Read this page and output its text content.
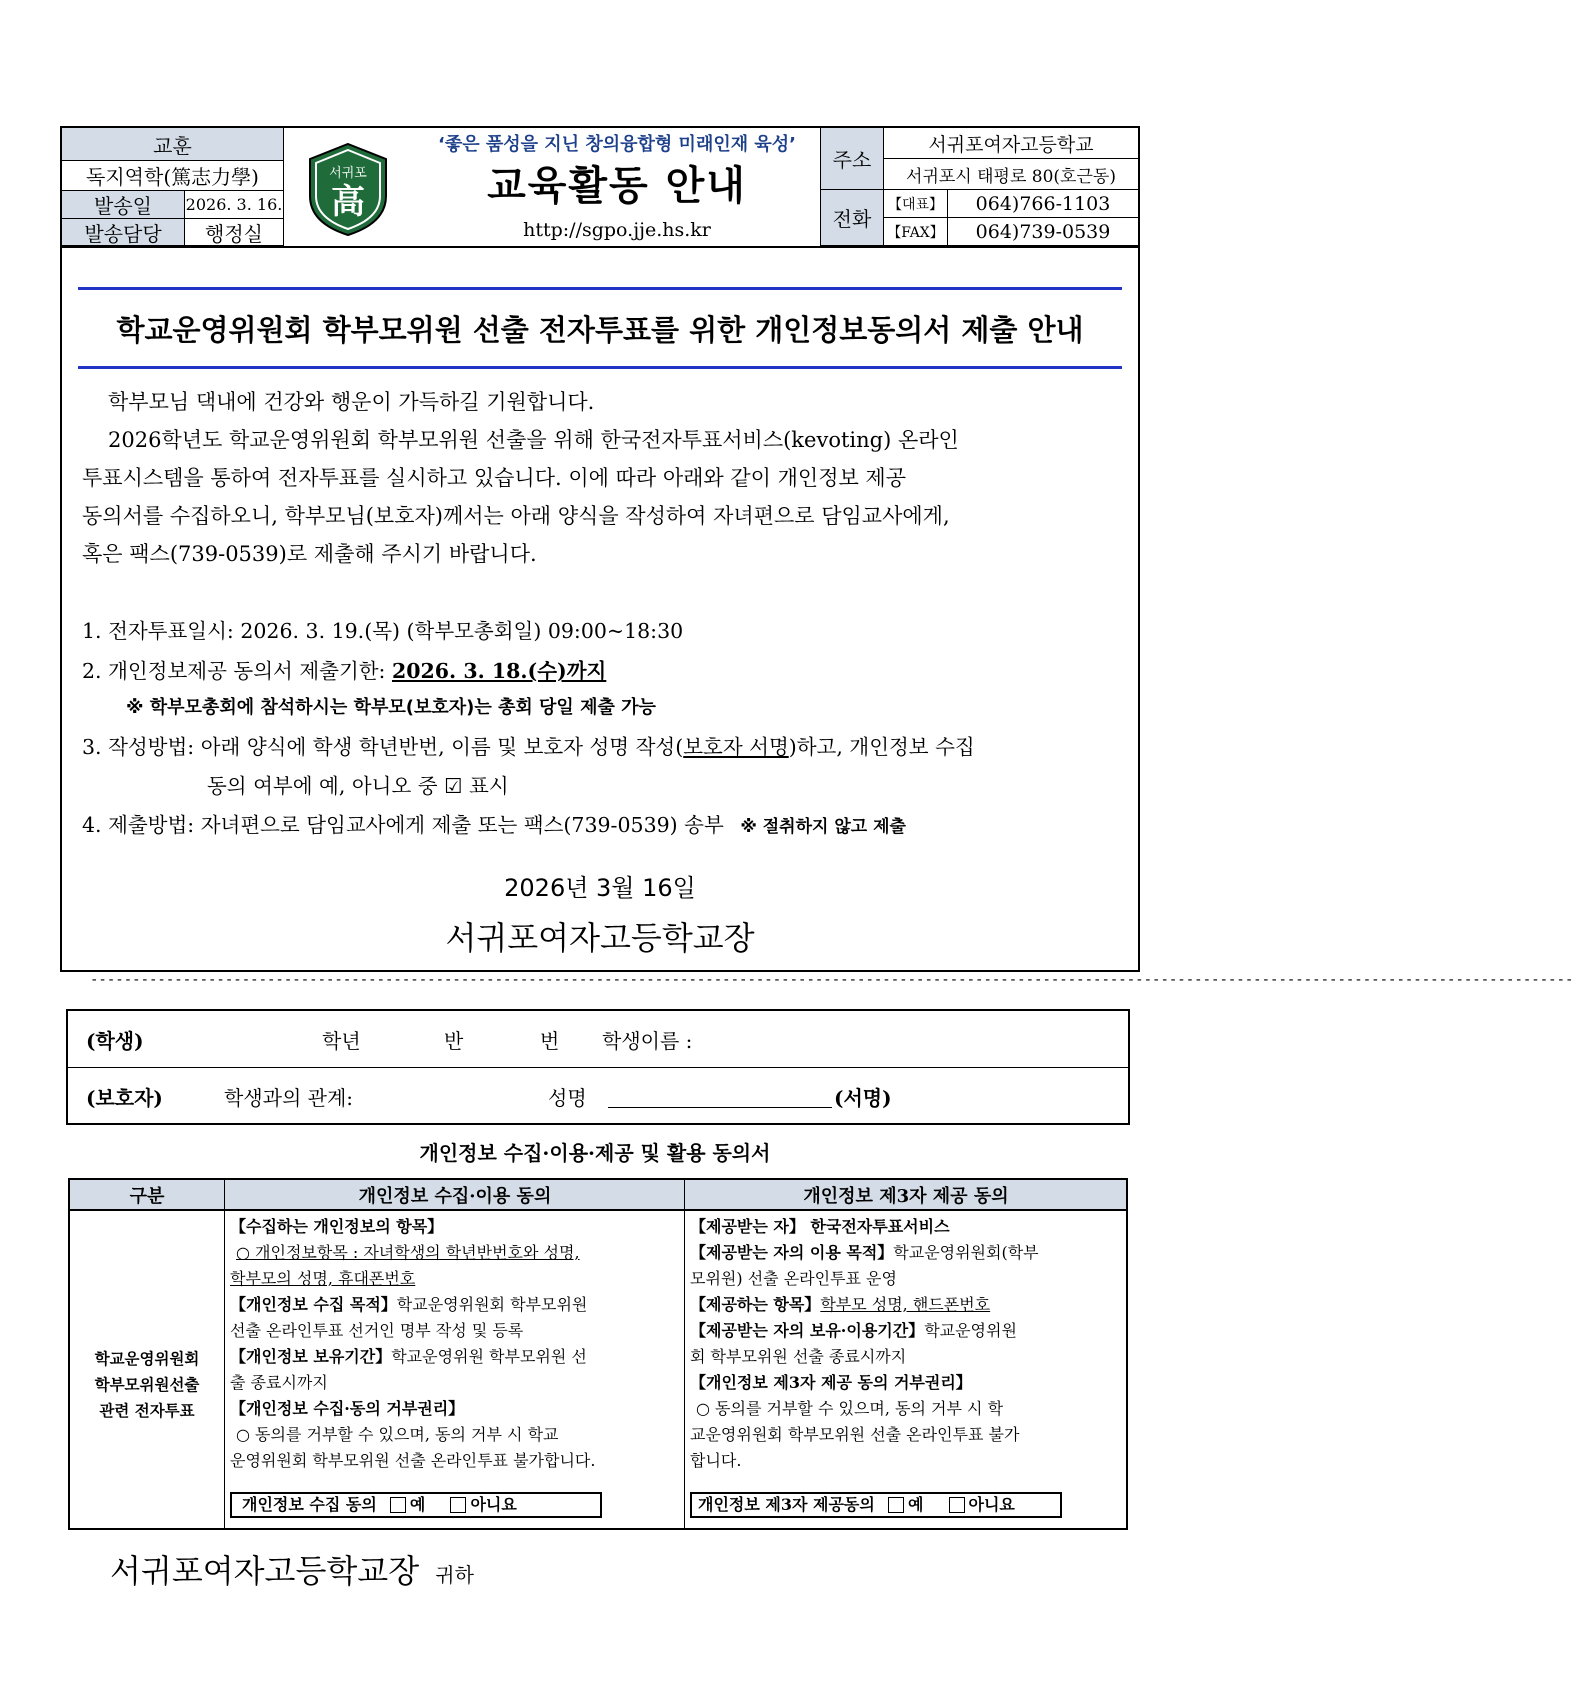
교훈
독지역학(篤志力學)
발송일	2026. 3. 16.
발송담당	행정실
서귀포
高
‘좋은 품성을 지닌 창의융합형 미래인재 육성’
교육활동 안내
http://sgpo.jje.hs.kr
주소
서귀포여자고등학교
서귀포시 태평로 80(호근동)
전화
【대표】	064)766-1103
【FAX】	064)739-0539
학교운영위원회 학부모위원 선출 전자투표를 위한 개인정보동의서 제출 안내
학부모님 댁내에 건강와 행운이 가득하길 기원합니다.
2026학년도 학교운영위원회 학부모위원 선출을 위해 한국전자투표서비스(kevoting) 온라인
투표시스템을 통하여 전자투표를 실시하고 있습니다. 이에 따라 아래와 같이 개인정보 제공
동의서를 수집하오니, 학부모님(보호자)께서는 아래 양식을 작성하여 자녀편으로 담임교사에게,
혹은 팩스(739-0539)로 제출해 주시기 바랍니다.
1. 전자투표일시: 2026. 3. 19.(목) (학부모총회일) 09:00~18:30
2. 개인정보제공 동의서 제출기한: 2026. 3. 18.(수)까지
※ 학부모총회에 참석하시는 학부모(보호자)는 총회 당일 제출 가능
3. 작성방법: 아래 양식에 학생 학년반번, 이름 및 보호자 성명 작성(보호자 서명)하고, 개인정보 수집
동의 여부에 예, 아니오 중 ☑ 표시
4. 제출방법: 자녀편으로 담임교사에게 제출 또는 팩스(739-0539) 송부 ※ 절취하지 않고 제출
2026년 3월 16일
서귀포여자고등학교장
--------------------------------------------------------------------------------------------------------------------------------------------------------------------------------
(학생)	학년	반	번 학생이름 :
(보호자)	학생과의 관계:	성명	(서명)
개인정보 수집·이용·제공 및 활용 동의서
구분	개인정보 수집·이용 동의	개인정보 제3자 제공 동의
학교운영위원회
학부모위원선출
관련 전자투표
【수집하는 개인정보의 항목】
○ 개인정보항목 : 자녀학생의 학년반번호와 성명,
학부모의 성명, 휴대폰번호
【개인정보 수집 목적】학교운영위원회 학부모위원
선출 온라인투표 선거인 명부 작성 및 등록
【개인정보 보유기간】학교운영위원 학부모위원 선
출 종료시까지
【개인정보 수집·동의 거부권리】
○ 동의를 거부할 수 있으며, 동의 거부 시 학교
운영위원회 학부모위원 선출 온라인투표 불가합니다.
개인정보 수집 동의 예	아니요
【제공받는 자】 한국전자투표서비스
【제공받는 자의 이용 목적】학교운영위원회(학부
모위원) 선출 온라인투표 운영
【제공하는 항목】학부모 성명, 핸드폰번호
【제공받는 자의 보유·이용기간】학교운영위원
회 학부모위원 선출 종료시까지
【개인정보 제3자 제공 동의 거부권리】
○ 동의를 거부할 수 있으며, 동의 거부 시 학
교운영위원회 학부모위원 선출 온라인투표 불가
합니다.
개인정보 제3자 제공동의 예	아니요
서귀포여자고등학교장 귀하
